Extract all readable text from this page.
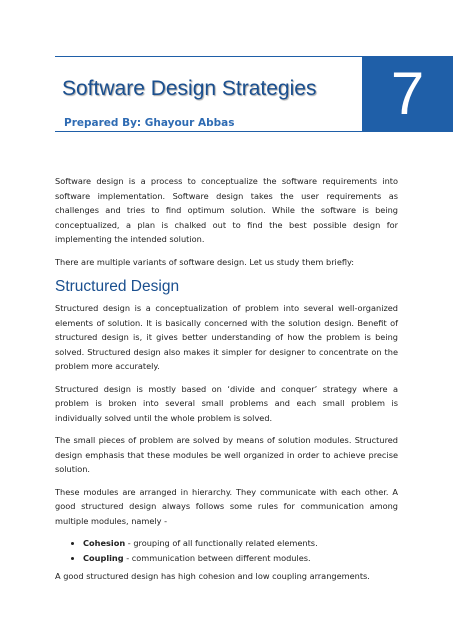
Software Design Strategies
Prepared By: Ghayour Abbas	7

Software design is a process to conceptualize the software requirements into software implementation. Software design takes the user requirements as challenges and tries to find optimum solution. While the software is being conceptualized, a plan is chalked out to find the best possible design for implementing the intended solution.

There are multiple variants of software design. Let us study them briefly:

Structured Design

Structured design is a conceptualization of problem into several well-organized elements of solution. It is basically concerned with the solution design. Benefit of structured design is, it gives better understanding of how the problem is being solved. Structured design also makes it simpler for designer to concentrate on the problem more accurately.

Structured design is mostly based on ‘divide and conquer’ strategy where a problem is broken into several small problems and each small problem is individually solved until the whole problem is solved.

The small pieces of problem are solved by means of solution modules. Structured design emphasis that these modules be well organized in order to achieve precise solution.

These modules are arranged in hierarchy. They communicate with each other. A good structured design always follows some rules for communication among multiple modules, namely -

• Cohesion - grouping of all functionally related elements.
• Coupling - communication between different modules.

A good structured design has high cohesion and low coupling arrangements.
